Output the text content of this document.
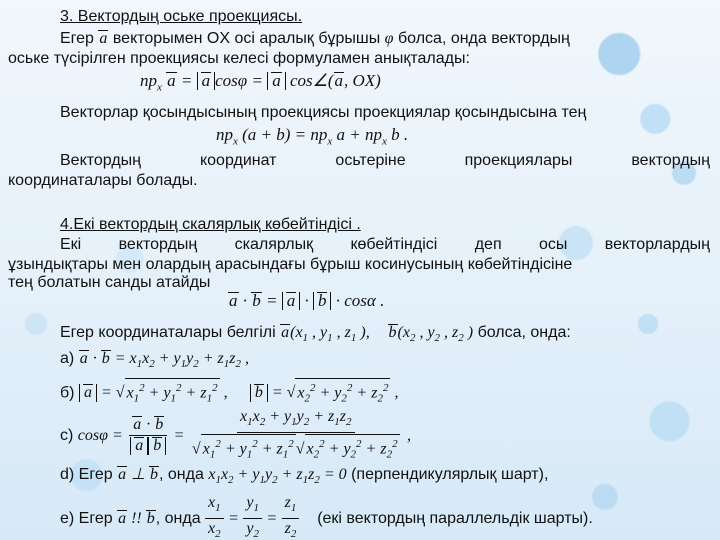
3. Вектордың оське проекциясы.
Егер a векторымен OX осі аралық бұрышы φ болса, онда вектордың
оське түсірілген проекциясы келесі формуламен анықталады:
$np_x$ a = a cosφ = a cos∠(a, OX)
Векторлар қосындысының проекциясы проекциялар қосындысына тең
$np_x$ $(a + b) = np_x$ $a + np_x$ b .
Вектордың координат осьтеріне проекциялары вектордың
координаталары болады.
4.Екі вектордың скалярлық көбейтіндісі .
Екі вектордың скалярлық көбейтіндісі деп осы векторлардың
ұзындықтары мен олардың арасындағы бұрыш косинусының көбейтіндісіне
тең болатын санды атайды
a · b = a · b · cosα .
Егер координаталары белгілі $a(x_1$ , $y_1$ , $z_1$ ), $b(x_2$ , $y_2$ , $z_2$ ) болса, онда:
а) $a \cdot b = x_1x_2 + y_1y_2 + z_1z_2$ ,
б) a = √ $x_1^2 + y_1^2 + z_1^2$ , b = √ $x_2^2 + y_2^2 + z_2^2$ ,
с) $\cos\varphi = \frac{a \cdot b}{\text{a b}} = \frac{x_1x_2 + y_1y_2 + z_1z_2}{√ x_1^2 + y_1^2 + z_1^2 √ x_2^2 + y_2^2 + z_2^2}$ ,
d) Егер a ⊥ b, онда $x_1x_2 + y_1y_2 + z_1z_2 = 0$ (перпендикулярлық шарт),
е) Егер a !! b, онда $\frac{x_1}{x_2} = \frac{y_1}{y_2} = \frac{z_1}{z_2} (екі$ вектордың параллельдік шарты).
